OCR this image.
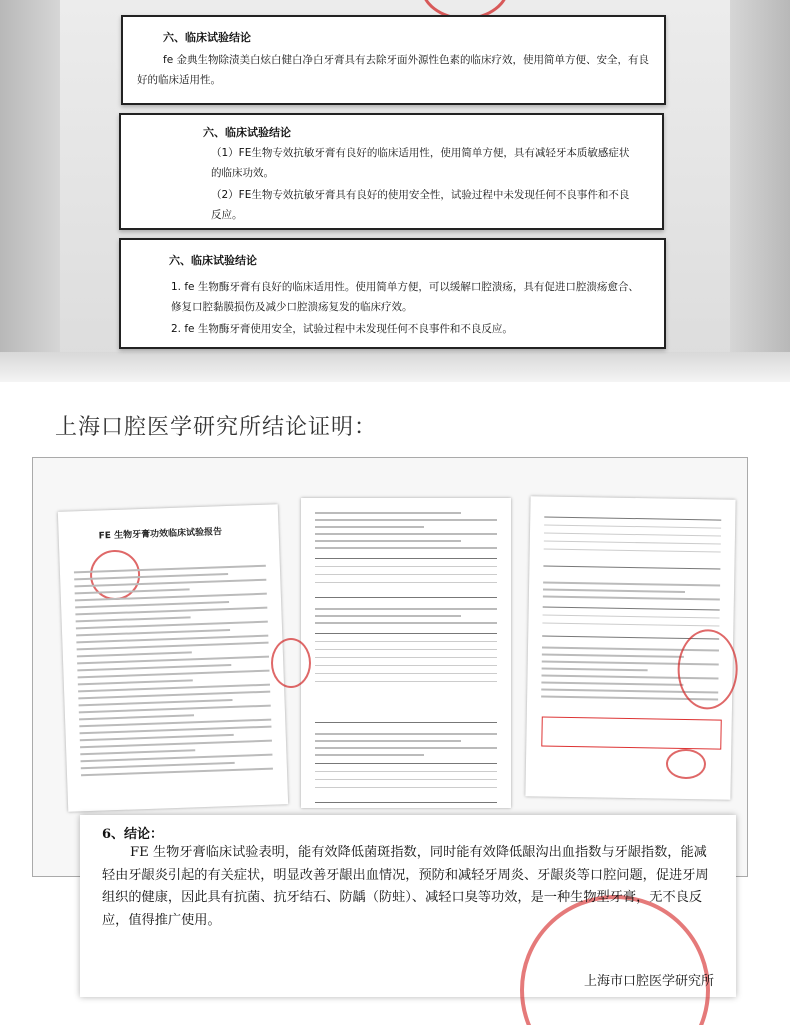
六、临床试验结论

fe 金典生物除渍美白炫白健白净白牙膏具有去除牙面外源性色素的临床疗效，使用简单方便、安全，有良好的临床适用性。

六、临床试验结论

（1）FE生物专效抗敏牙膏有良好的临床适用性，使用简单方便，具有减轻牙本质敏感症状的临床功效。

（2）FE生物专效抗敏牙膏具有良好的使用安全性，试验过程中未发现任何不良事件和不良反应。

六、临床试验结论

1. fe 生物酶牙膏有良好的临床适用性。使用简单方便，可以缓解口腔溃疡，具有促进口腔溃疡愈合、修复口腔黏膜损伤及减少口腔溃疡复发的临床疗效。

2. fe 生物酶牙膏使用安全，试验过程中未发现任何不良事件和不良反应。

上海口腔医学研究所结论证明：
FE 生物牙膏功效临床试验报告
6、结论：

FE 生物牙膏临床试验表明，能有效降低菌斑指数，同时能有效降低龈沟出血指数与牙龈指数，能减轻由牙龈炎引起的有关症状，明显改善牙龈出血情况，预防和减轻牙周炎、牙龈炎等口腔问题，促进牙周组织的健康，因此具有抗菌、抗牙结石、防龋（防蛀）、减轻口臭等功效，是一种生物型牙膏，无不良反应，值得推广使用。

上海市口腔医学研究所
